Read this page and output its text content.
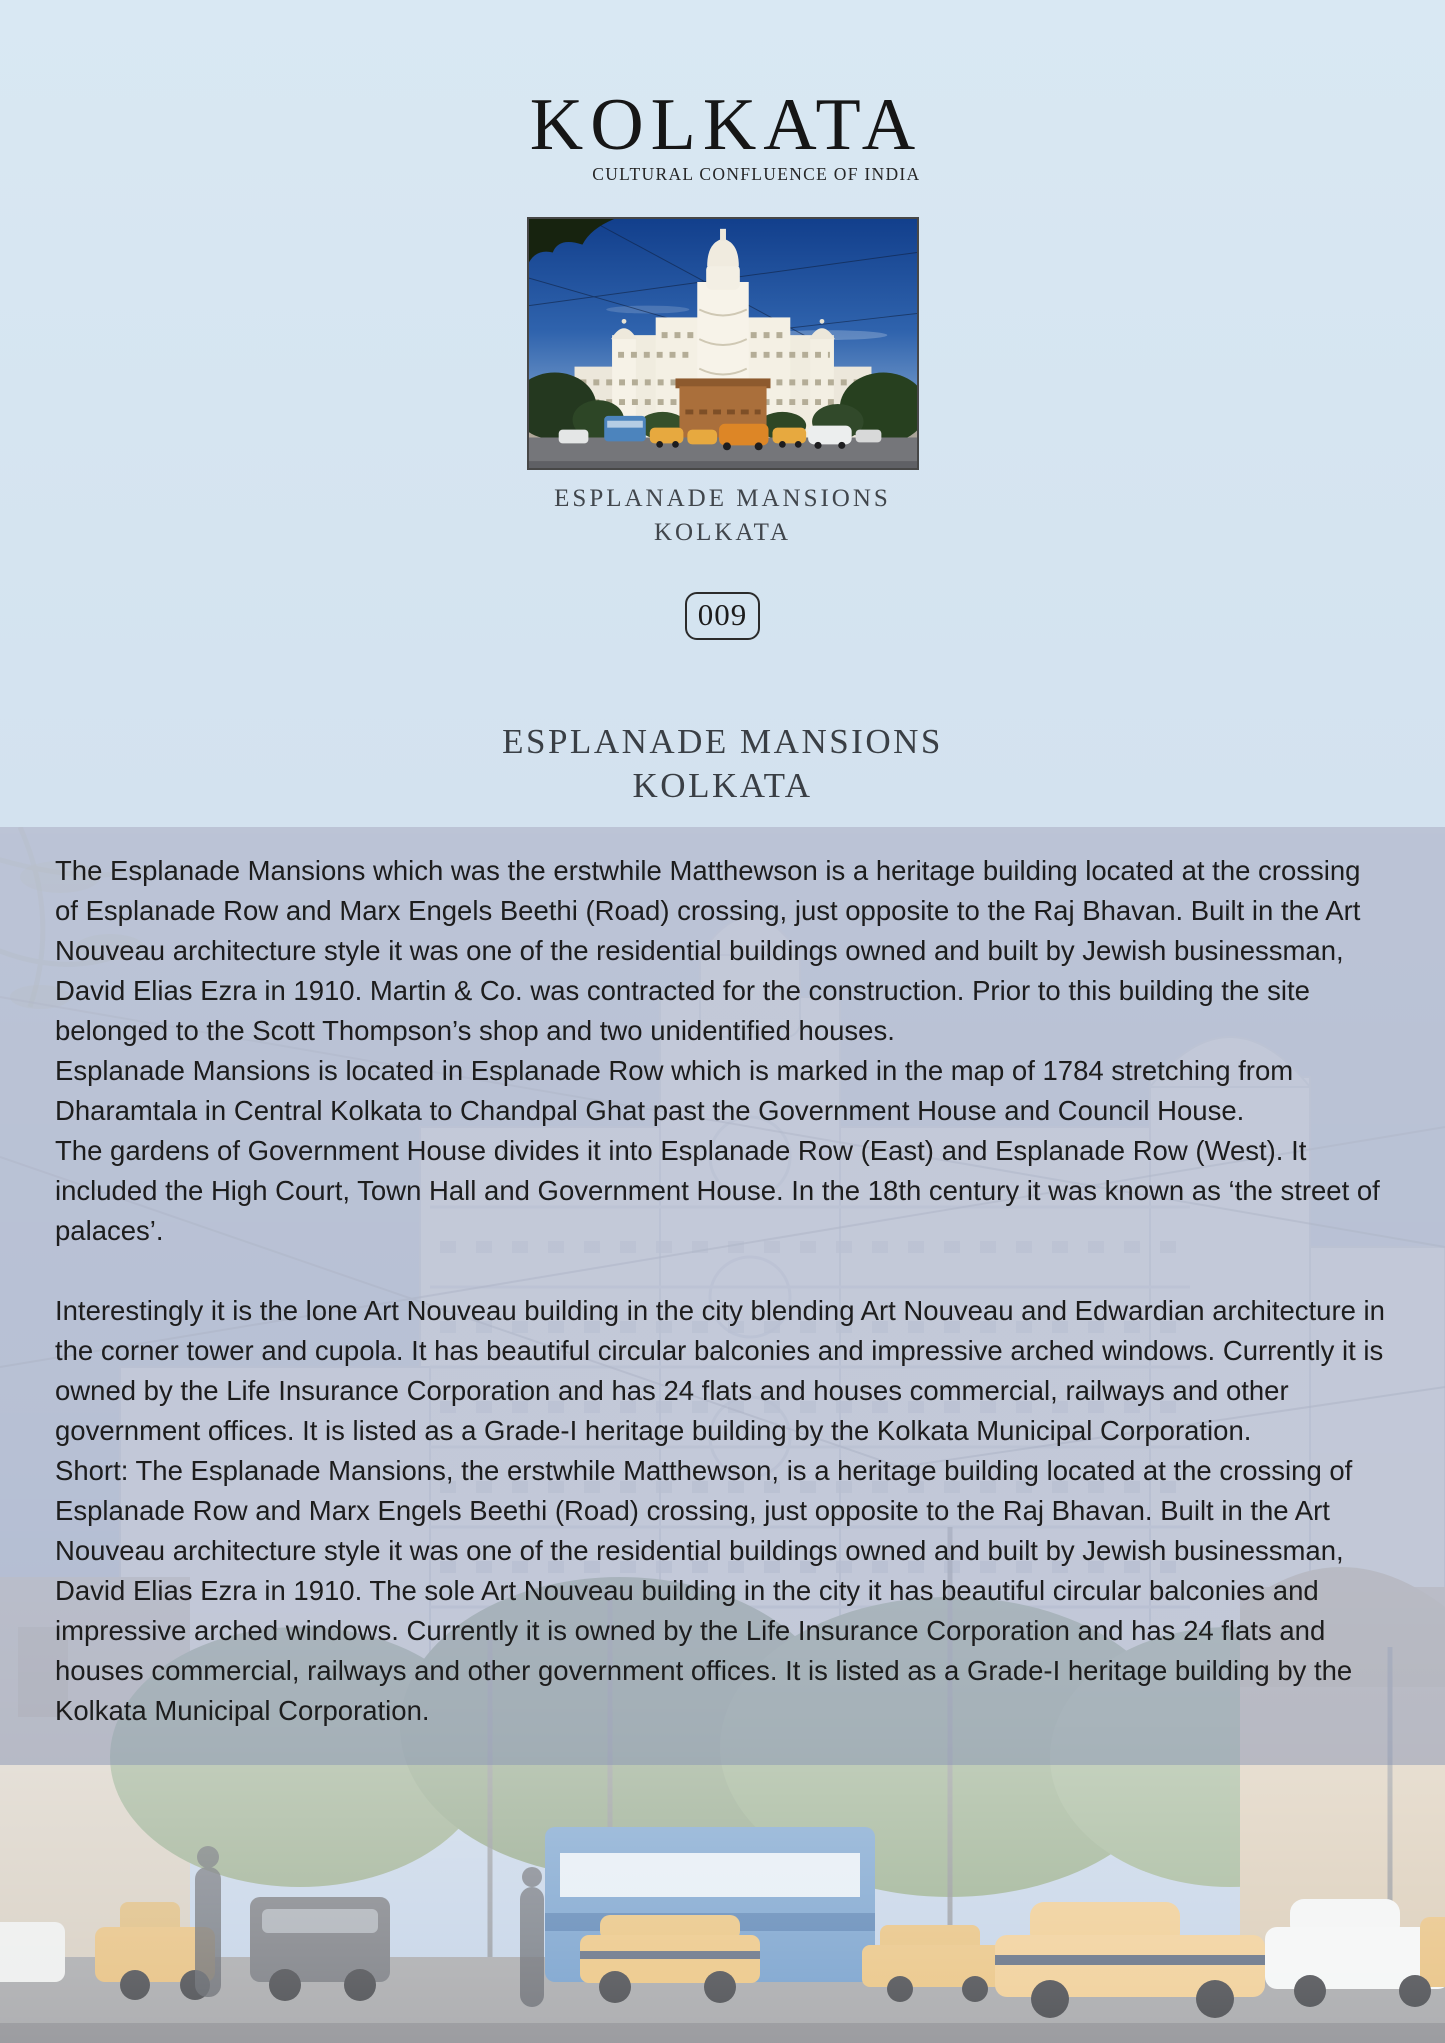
KOLKATA
CULTURAL CONFLUENCE OF INDIA
ESPLANADE MANSIONS
KOLKATA
009
ESPLANADE MANSIONS
KOLKATA

The Esplanade Mansions which was the erstwhile Matthewson is a heritage building located at the crossing of Esplanade Row and Marx Engels Beethi (Road) crossing, just opposite to the Raj Bhavan. Built in the Art Nouveau architecture style it was one of the residential buildings owned and built by Jewish businessman, David Elias Ezra in 1910. Martin & Co. was contracted for the construction. Prior to this building the site belonged to the Scott Thompson’s shop and two unidentified houses.
Esplanade Mansions is located in Esplanade Row which is marked in the map of 1784 stretching from Dharamtala in Central Kolkata to Chandpal Ghat past the Government House and Council House.
The gardens of Government House divides it into Esplanade Row (East) and Esplanade Row (West). It included the High Court, Town Hall and Government House. In the 18th century it was known as ‘the street of palaces’.

Interestingly it is the lone Art Nouveau building in the city blending Art Nouveau and Edwardian architecture in the corner tower and cupola. It has beautiful circular balconies and impressive arched windows. Currently it is owned by the Life Insurance Corporation and has 24 flats and houses commercial, railways and other government offices. It is listed as a Grade-I heritage building by the Kolkata Municipal Corporation.
Short: The Esplanade Mansions, the erstwhile Matthewson, is a heritage building located at the crossing of Esplanade Row and Marx Engels Beethi (Road) crossing, just opposite to the Raj Bhavan. Built in the Art Nouveau architecture style it was one of the residential buildings owned and built by Jewish businessman, David Elias Ezra in 1910. The sole Art Nouveau building in the city it has beautiful circular balconies and impressive arched windows. Currently it is owned by the Life Insurance Corporation and has 24 flats and houses commercial, railways and other government offices. It is listed as a Grade-I heritage building by the Kolkata Municipal Corporation.
